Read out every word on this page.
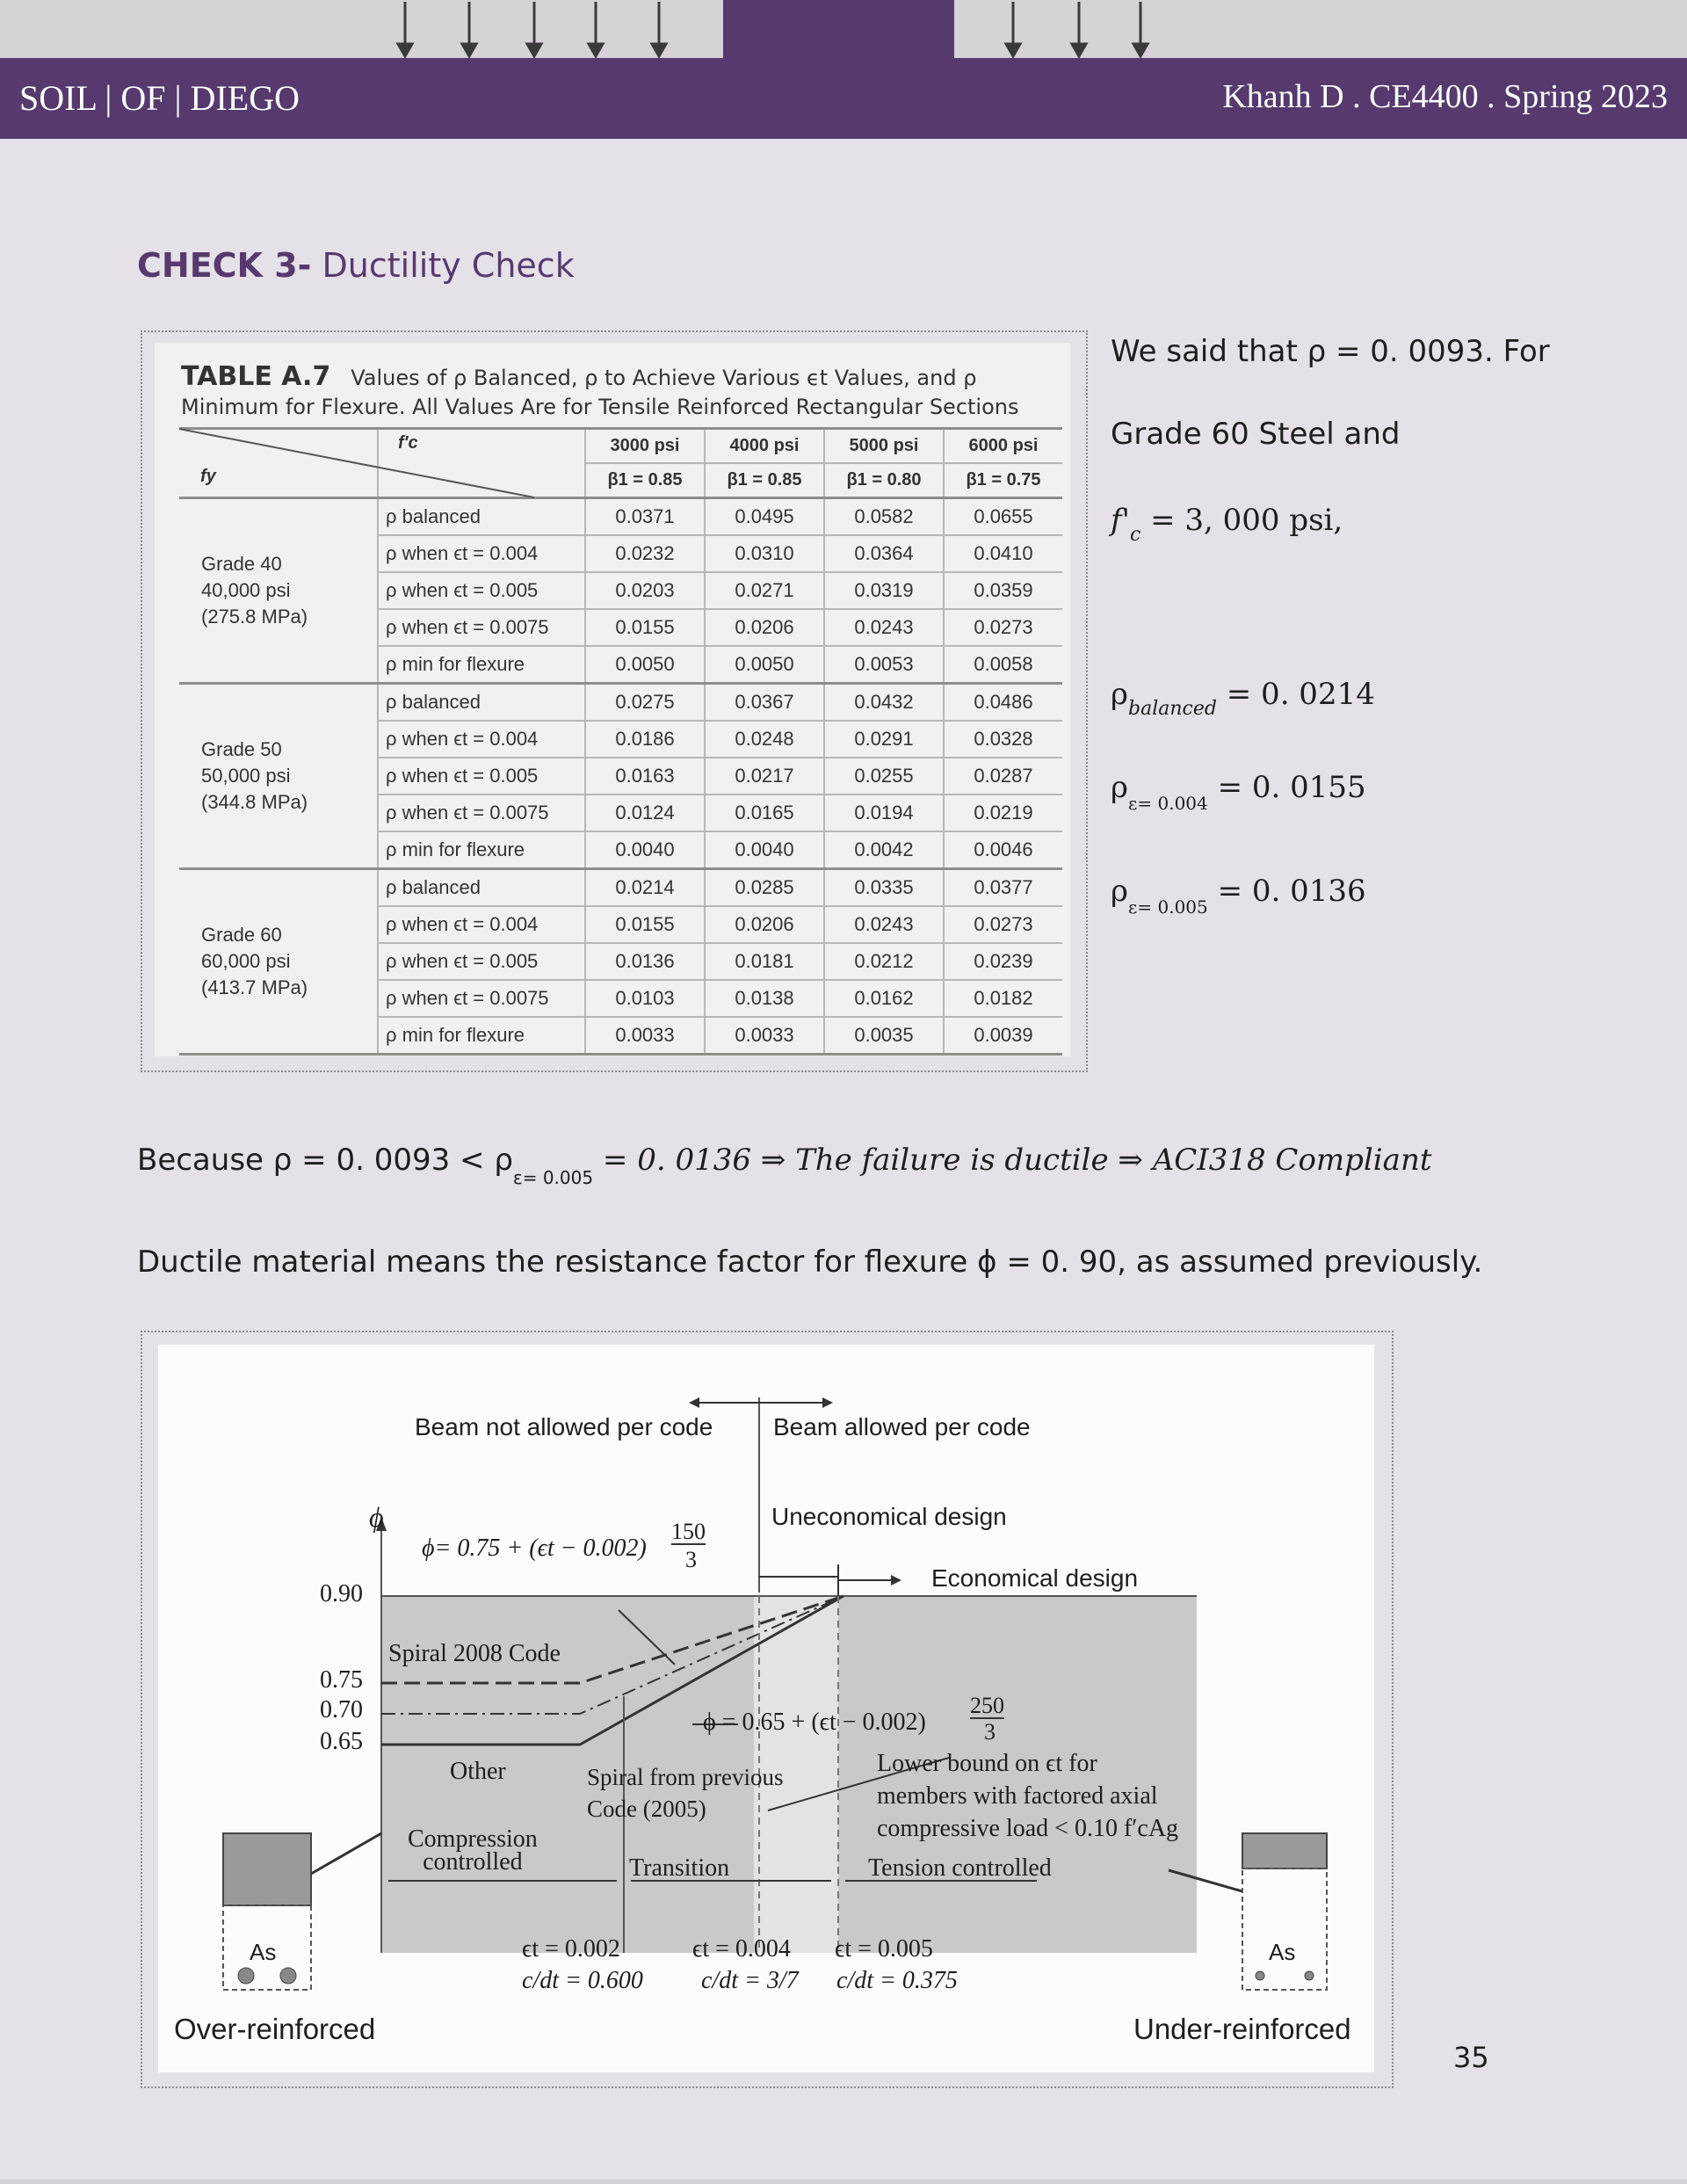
SOIL | OF | DIEGO	Khanh D . CE4400 . Spring 2023
CHECK 3- Ductility Check
TABLE A.7 Values of ρ Balanced, ρ to Achieve Various ϵt Values, and ρ Minimum for Flexure. All Values Are for Tensile Reinforced Rectangular Sections
fy	f′c	3000 psi	4000 psi	5000 psi	6000 psi
		β1 = 0.85	β1 = 0.85	β1 = 0.80	β1 = 0.75

Grade 40
40,000 psi
(275.8 MPa)	ρ balanced	0.0371	0.0495	0.0582	0.0655
	ρ when ϵt = 0.004	0.0232	0.0310	0.0364	0.0410
	ρ when ϵt = 0.005	0.0203	0.0271	0.0319	0.0359
	ρ when ϵt = 0.0075	0.0155	0.0206	0.0243	0.0273
	ρ min for flexure	0.0050	0.0050	0.0053	0.0058

Grade 50
50,000 psi
(344.8 MPa)	ρ balanced	0.0275	0.0367	0.0432	0.0486
	ρ when ϵt = 0.004	0.0186	0.0248	0.0291	0.0328
	ρ when ϵt = 0.005	0.0163	0.0217	0.0255	0.0287
	ρ when ϵt = 0.0075	0.0124	0.0165	0.0194	0.0219
	ρ min for flexure	0.0040	0.0040	0.0042	0.0046

Grade 60
60,000 psi
(413.7 MPa)	ρ balanced	0.0214	0.0285	0.0335	0.0377
	ρ when ϵt = 0.004	0.0155	0.0206	0.0243	0.0273
	ρ when ϵt = 0.005	0.0136	0.0181	0.0212	0.0239
	ρ when ϵt = 0.0075	0.0103	0.0138	0.0162	0.0182
	ρ min for flexure	0.0033	0.0033	0.0035	0.0039
We said that ρ = 0. 0093. For
Grade 60 Steel and
$f'_c = 3$, 000 psi,
$\rho_{balanced} = 0$. 0214
$\rho_{\varepsilon= 0.004} = 0$. 0155
$\rho_{\varepsilon= 0.005} = 0$. 0136
Because ρ = 0. $0093 < \rho_{\varepsilon= 0.005} = 0$. 0136 ⇒ The failure is ductile ⇒ ACI318 Compliant
Ductile material means the resistance factor for flexure ϕ = 0. 90, as assumed previously.
Beam not allowed per code Beam allowed per code
Uneconomical design
Economical design
ϕ
0.90
0.75
0.70
0.65
ϕ= 0.75 + (ϵt − 0.002)
150
3
ϕ = 0.65 + (ϵt − 0.002)
250
3
Spiral 2008 Code
Other	Spiral from previous
Code (2005)
Lower bound on ϵt for
members with factored axial
compressive load < 0.10 f′cAg
Compression
controlled	Transition	Tension controlled
ϵt = 0.002
c/dt = 0.600
ϵt = 0.004
c/dt = 3/7
ϵt = 0.005
c/dt = 0.375
As	As
Over-reinforced	Under-reinforced
35
